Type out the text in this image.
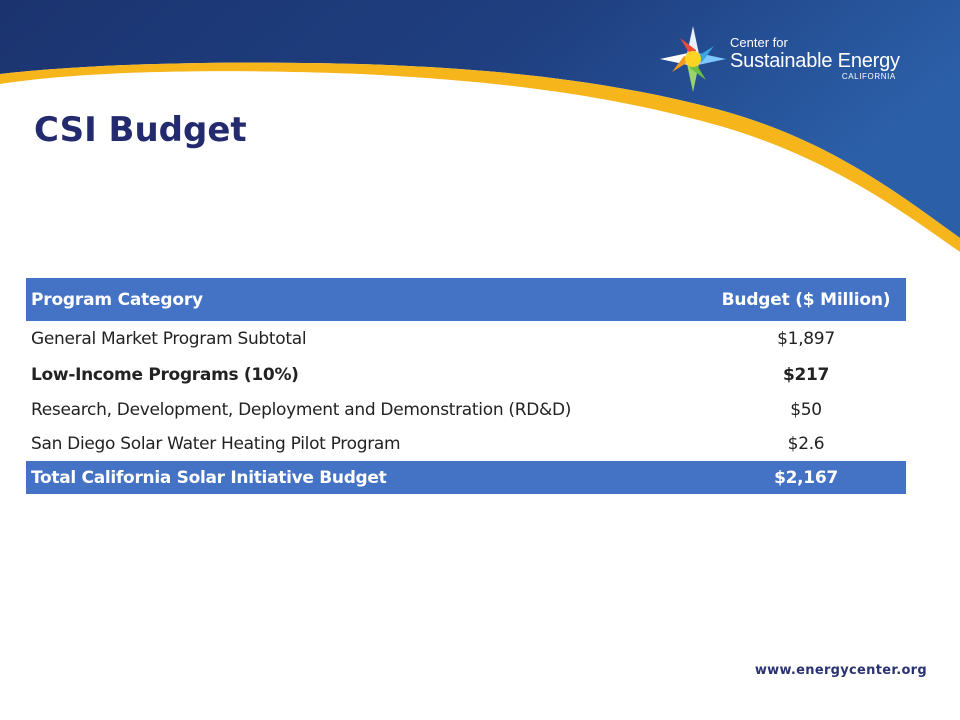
Center for
Sustainable Energy
CALIFORNIA
CSI Budget
Program Category	Budget ($ Million)
General Market Program Subtotal	$1,897
Low-Income Programs (10%)	$217
Research, Development, Deployment and Demonstration (RD&D)	$50
San Diego Solar Water Heating Pilot Program	$2.6
Total California Solar Initiative Budget	$2,167
www.energycenter.org
